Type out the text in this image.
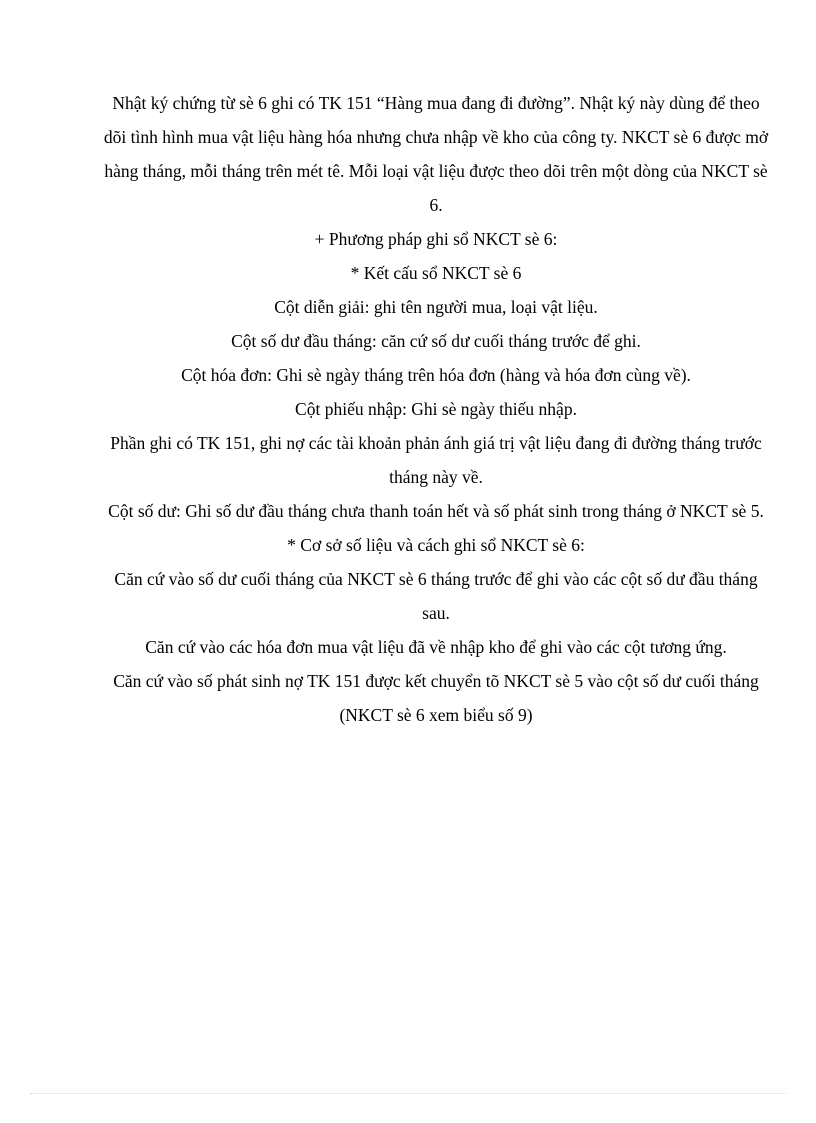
Nhật ký chứng từ sè 6 ghi có TK 151 “Hàng mua đang đi đường”. Nhật ký này dùng để theo dõi tình hình mua vật liệu hàng hóa nhưng chưa nhập về kho của công ty. NKCT sè 6 được mở hàng tháng, mỗi tháng trên mét tê. Mỗi loại vật liệu được theo dõi trên một dòng của NKCT sè 6.

+ Phương pháp ghi sổ NKCT sè 6:

* Kết cấu sổ NKCT sè 6

Cột diễn giải: ghi tên người mua, loại vật liệu.

Cột số dư đầu tháng: căn cứ số dư cuối tháng trước để ghi.

Cột hóa đơn: Ghi sè ngày tháng trên hóa đơn (hàng và hóa đơn cùng về).

Cột phiếu nhập: Ghi sè ngày thiếu nhập.

Phần ghi có TK 151, ghi nợ các tài khoản phản ánh giá trị vật liệu đang đi đường tháng trước tháng này về.

Cột số dư: Ghi số dư đầu tháng chưa thanh toán hết và số phát sinh trong tháng ở NKCT sè 5.

* Cơ sở số liệu và cách ghi sổ NKCT sè 6:

Căn cứ vào số dư cuối tháng của NKCT sè 6 tháng trước để ghi vào các cột số dư đầu tháng sau.

Căn cứ vào các hóa đơn mua vật liệu đã về nhập kho để ghi vào các cột tương ứng.

Căn cứ vào số phát sinh nợ TK 151 được kết chuyển tõ NKCT sè 5 vào cột số dư cuối tháng (NKCT sè 6 xem biểu số 9)
